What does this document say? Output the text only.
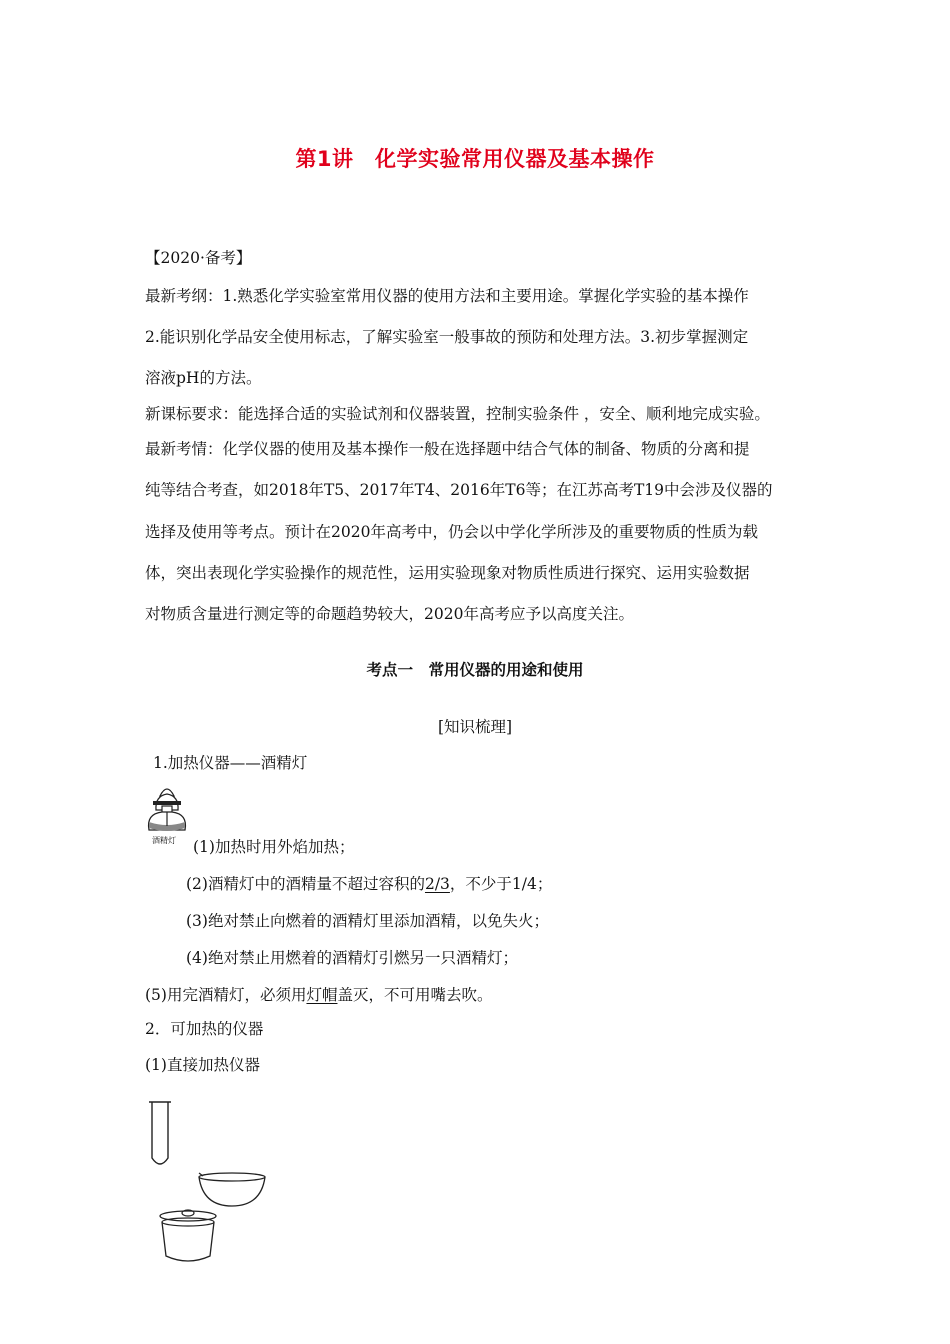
第1讲　化学实验常用仪器及基本操作
【2020·备考】
最新考纲：1.熟悉化学实验室常用仪器的使用方法和主要用途。掌握化学实验的基本操作
2.能识别化学品安全使用标志，了解实验室一般事故的预防和处理方法。3.初步掌握测定
溶液pH的方法。
新课标要求：能选择合适的实验试剂和仪器装置，控制实验条件 ，安全、顺利地完成实验。
最新考情：化学仪器的使用及基本操作一般在选择题中结合气体的制备、物质的分离和提
纯等结合考查，如2018年T5、2017年T4、2016年T6等；在江苏高考T19中会涉及仪器的
选择及使用等考点。预计在2020年高考中，仍会以中学化学所涉及的重要物质的性质为载
体，突出表现化学实验操作的规范性，运用实验现象对物质性质进行探究、运用实验数据
对物质含量进行测定等的命题趋势较大，2020年高考应予以高度关注。
考点一　常用仪器的用途和使用
[知识梳理]
1.加热仪器——酒精灯
酒精灯 (1)加热时用外焰加热；
(2)酒精灯中的酒精量不超过容积的2/3，不少于1/4；
(3)绝对禁止向燃着的酒精灯里添加酒精，以免失火；
(4)绝对禁止用燃着的酒精灯引燃另一只酒精灯；
(5)用完酒精灯，必须用灯帽盖灭，不可用嘴去吹。
2．可加热的仪器
(1)直接加热仪器
